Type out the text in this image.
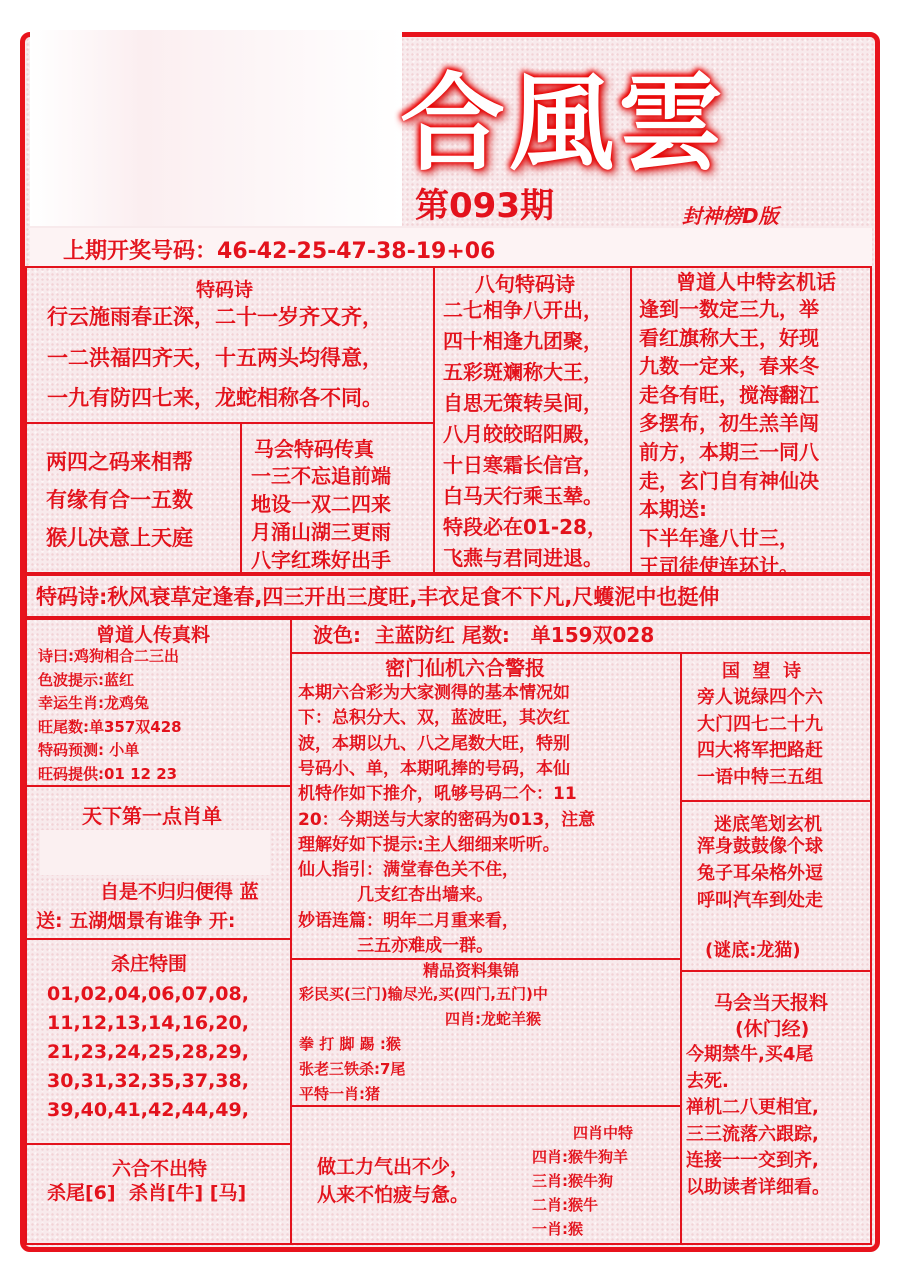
合風雲
第093期	封神榜D版
上期开奖号码：46-42-25-47-38-19+06
特码诗
行云施雨春正深，二十一岁齐又齐，
一二洪福四齐天，十五两头均得意，
一九有防四七来，龙蛇相称各不同。
两四之码来相帮
有缘有合一五数
猴儿决意上天庭
马会特码传真
一三不忘追前端
地设一双二四来
月涌山湖三更雨
八字红珠好出手
八句特码诗
二七相争八开出，
四十相逢九团聚，
五彩斑斓称大王，
自思无策转吴间，
八月皎皎昭阳殿，
十日寒霜长信宫，
白马天行乘玉辇。
特段必在01-28，
飞燕与君同进退。
曾道人中特玄机话
逢到一数定三九，举
看红旗称大王，好现
九数一定来，春来冬
走各有旺，搅海翻江
多摆布，初生羔羊闯
前方，本期三一同八
走，玄门自有神仙决
本期送:
下半年逢八廿三，
王司徒使连环计。
特码诗:秋风衰草定逢春,四三开出三度旺,丰衣足食不下凡,尺蠖泥中也挺伸
曾道人传真料
诗曰:鸡狗相合二三出
色波提示:蓝红
幸运生肖:龙鸡兔
旺尾数:单357双428
特码预测: 小单
旺码提供:01 12 23
天下第一点肖单
自是不归归便得 蓝
送: 五湖烟景有谁争 开:
杀庄特围
01,02,04,06,07,08,
11,12,13,14,16,20,
21,23,24,25,28,29,
30,31,32,35,37,38,
39,40,41,42,44,49,
六合不出特
杀尾[6]  杀肖[牛] [马]
波色:  主蓝防红 尾数:   单159双028
密门仙机六合警报
本期六合彩为大家测得的基本情况如
下：总积分大、双，蓝波旺，其次红
波，本期以九、八之尾数大旺，特别
号码小、单，本期吼捧的号码，本仙
机特作如下推介，吼够号码二个：11
20：今期送与大家的密码为013，注意
理解好如下提示:主人细细来听听。
仙人指引：满堂春色关不住，
几支红杏出墙来。
妙语连篇：明年二月重来看，
三五亦难成一群。
国  望  诗
旁人说绿四个六
大门四七二十九
四大将军把路赶
一语中特三五组
迷底笔划玄机
浑身鼓鼓像个球
兔子耳朵格外逗
呼叫汽车到处走
(谜底:龙猫)
精品资料集锦
彩民买(三门)输尽光,买(四门,五门)中
四肖:龙蛇羊猴
拳 打 脚 踢 :猴
张老三铁杀:7尾
平特一肖:猪
做工力气出不少，
从来不怕疲与惫。
四肖中特
四肖:猴牛狗羊
三肖:猴牛狗
二肖:猴牛
一肖:猴
马会当天报料
(休门经)
今期禁牛,买4尾
去死.
禅机二八更相宜,
三三流落六跟踪,
连接一一交到齐,
以助读者详细看。
